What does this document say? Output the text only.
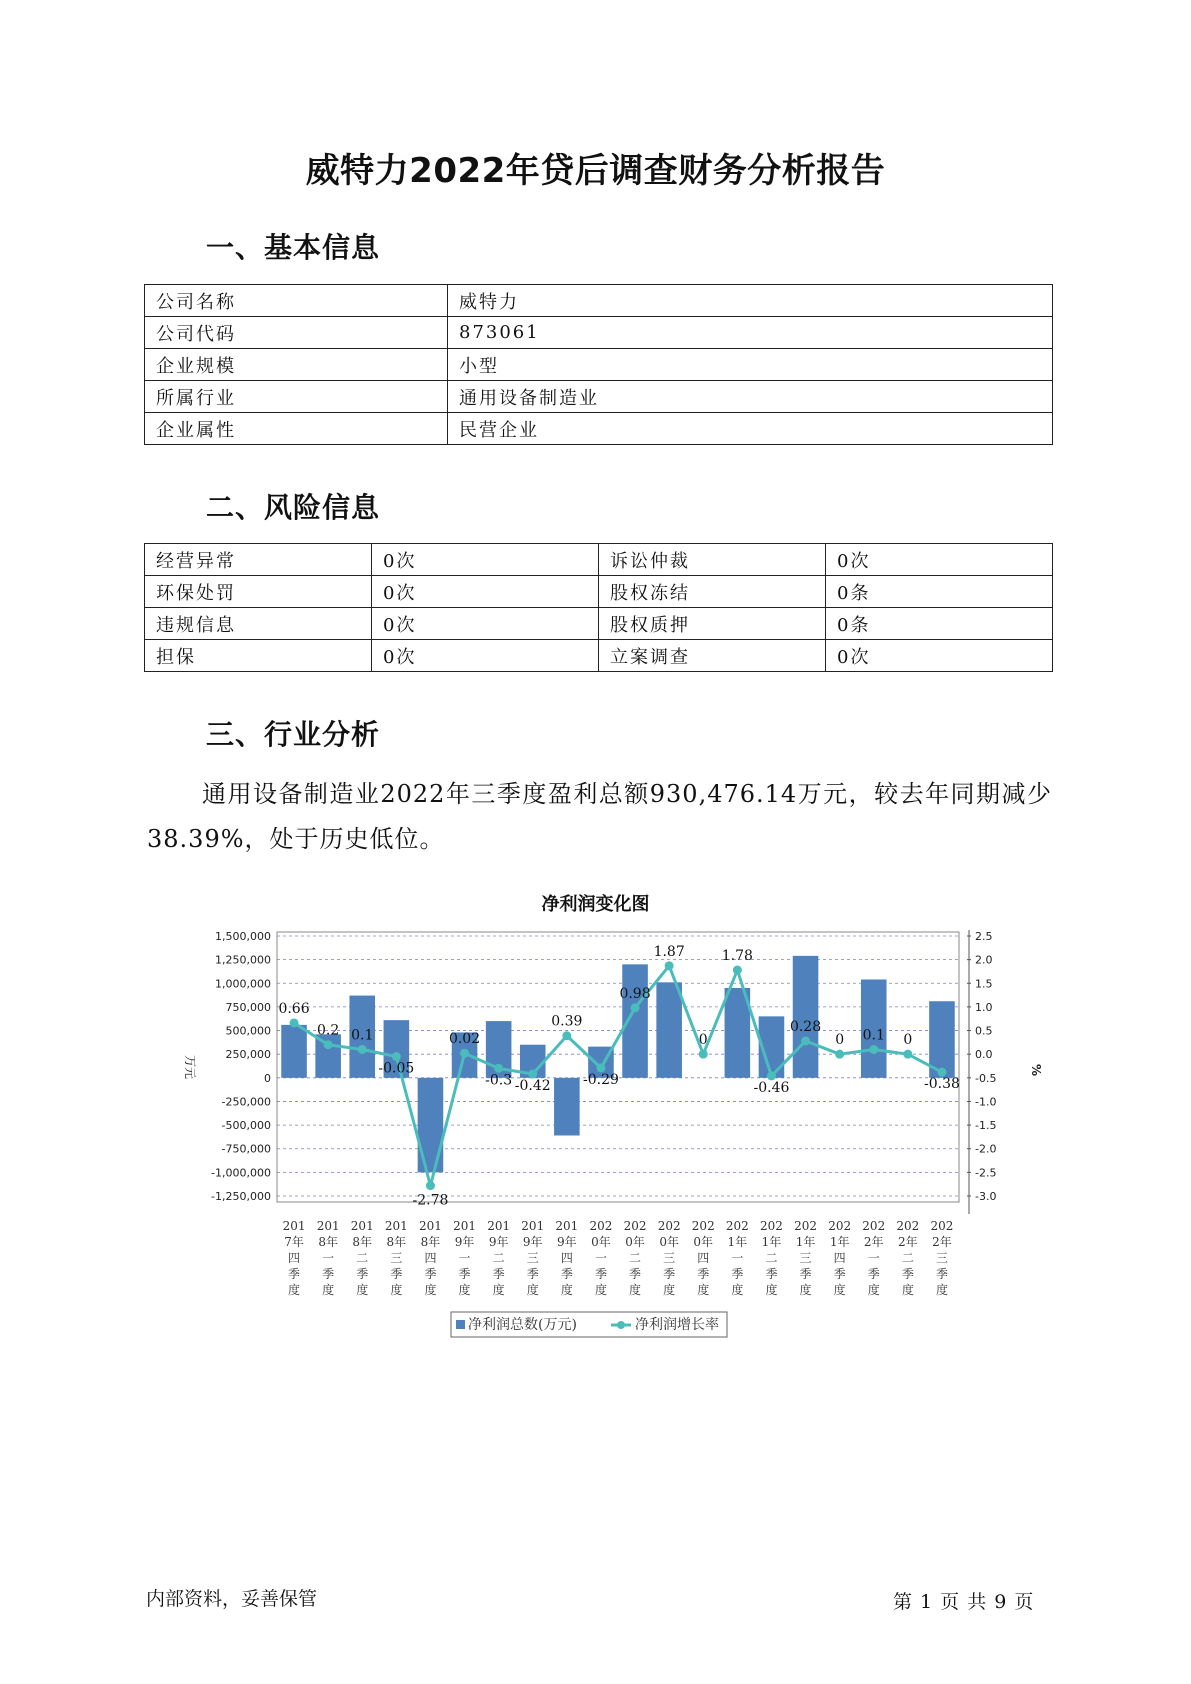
威特力2022年贷后调查财务分析报告
一、基本信息
公司名称	威特力
公司代码	873061
企业规模	小型
所属行业	通用设备制造业
企业属性	民营企业
二、风险信息
经营异常	0次	诉讼仲裁	0次
环保处罚	0次	股权冻结	0条
违规信息	0次	股权质押	0条
担保	0次	立案调查	0次
三、行业分析

通用设备制造业2022年三季度盈利总额930,476.14万元，较去年同期减少38.39%，处于历史低位。

净利润变化图

1,500,000
1,250,000
1,000,000
750,000
500,000
250,000
0
-250,000
-500,000
-750,000
-1,000,000
-1,250,000
2.5
2.0
1.5
1.0
0.5
0.0
-0.5
-1.0
-1.5
-2.0
-2.5
-3.0
万元	%
0.66
0.2 0.1
-0.05
-2.78
0.02
-0.3 -0.42
0.39
-0.29
0.98
1.87
0
1.78
-0.46
0.28
0 0.1 0
-0.38
201 7年四季度
201 8年一季度
201 8年二季度
201 8年三季度
201 8年四季度
201 9年一季度
201 9年二季度
201 9年三季度
201 9年四季度
202 0年一季度
202 0年二季度
202 0年三季度
202 0年四季度
202 1年一季度
202 1年二季度
202 1年三季度
202 1年四季度
202 2年一季度
202 2年二季度
202 2年三季度
净利润总数(万元)	净利润增长率
内部资料，妥善保管	第 1 页 共 9 页
